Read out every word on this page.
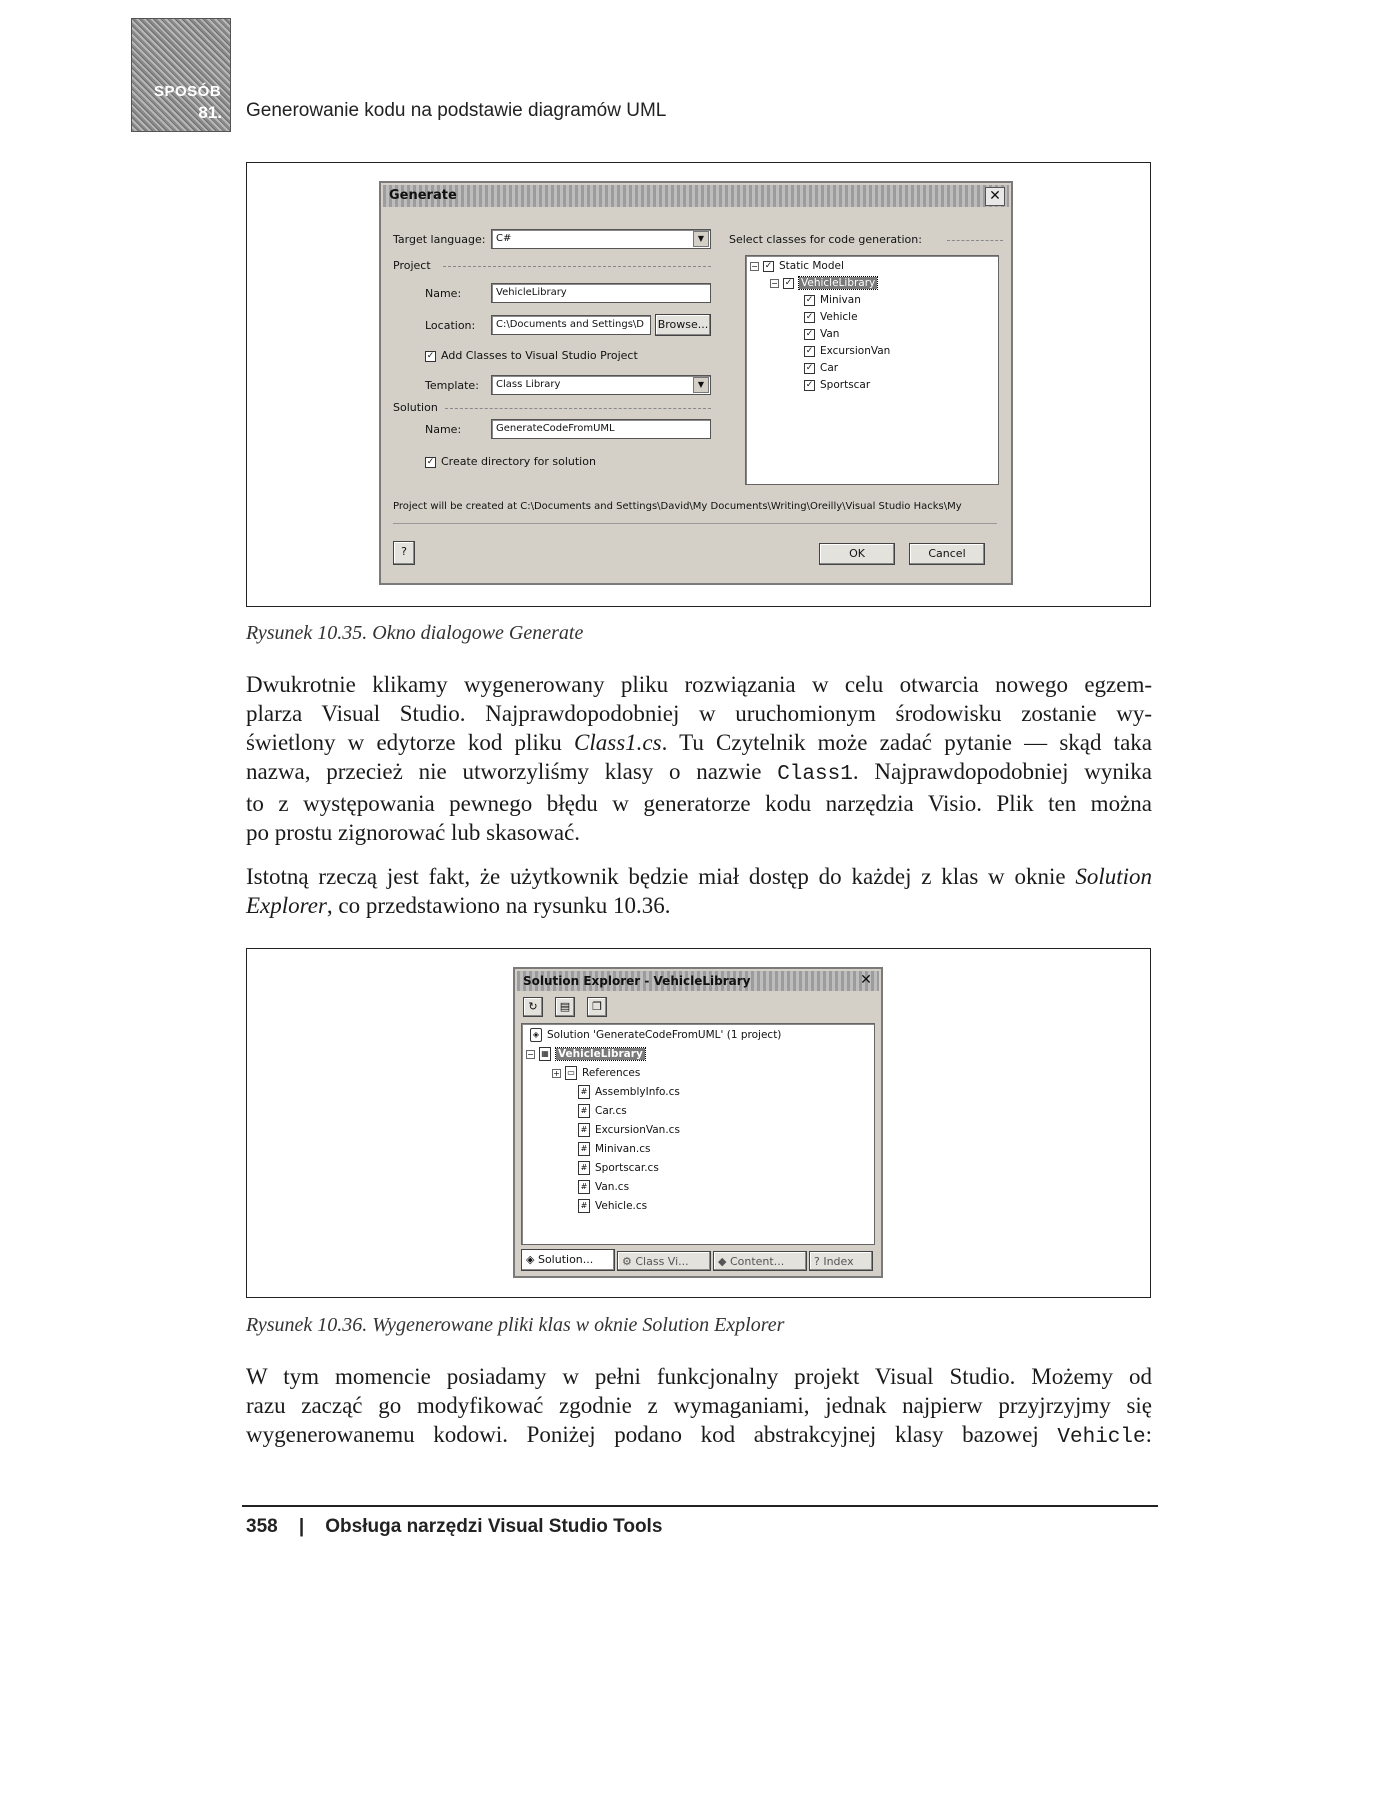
SPOSÓB
81. Generowanie kodu na podstawie diagramów UML
Generate	✕
Target language:	C#	▼	Select classes for code generation:
Project
Name:	VehicleLibrary
Location:	C:\Documents and Settings\D	Browse...
✓ Add Classes to Visual Studio Project
Template:	Class Library	▼
Solution
Name:	GenerateCodeFromUML
✓ Create directory for solution
− ✓ Static Model
− ✓ VehicleLibrary
✓ Minivan
✓ Vehicle
✓ Van
✓ ExcursionVan
✓ Car
✓ Sportscar
Project will be created at C:\Documents and Settings\David\My Documents\Writing\Oreilly\Visual Studio Hacks\My
?	OK	Cancel
Rysunek 10.35. Okno dialogowe Generate
Dwukrotnie klikamy wygenerowany pliku rozwiązania w celu otwarcia nowego egzem-
plarza Visual Studio. Najprawdopodobniej w uruchomionym środowisku zostanie wy-
świetlony w edytorze kod pliku Class1.cs. Tu Czytelnik może zadać pytanie — skąd taka
nazwa, przecież nie utworzyliśmy klasy o nazwie Class1. Najprawdopodobniej wynika
to z występowania pewnego błędu w generatorze kodu narzędzia Visio. Plik ten można
po prostu zignorować lub skasować.
Istotną rzeczą jest fakt, że użytkownik będzie miał dostęp do każdej z klas w oknie Solution
Explorer, co przedstawiono na rysunku 10.36.
Solution Explorer - VehicleLibrary	✕
↻	▤	❐
◈ Solution 'GenerateCodeFromUML' (1 project)
− ▦ VehicleLibrary
+ ▭ References
# AssemblyInfo.cs
# Car.cs
# ExcursionVan.cs
# Minivan.cs
# Sportscar.cs
# Van.cs
# Vehicle.cs
◈ Solution...	⚙ Class Vi...	◆ Content...	? Index
Rysunek 10.36. Wygenerowane pliki klas w oknie Solution Explorer
W tym momencie posiadamy w pełni funkcjonalny projekt Visual Studio. Możemy od
razu zacząć go modyfikować zgodnie z wymaganiami, jednak najpierw przyjrzyjmy się
wygenerowanemu kodowi. Poniżej podano kod abstrakcyjnej klasy bazowej Vehicle:
358 | Obsługa narzędzi Visual Studio Tools
